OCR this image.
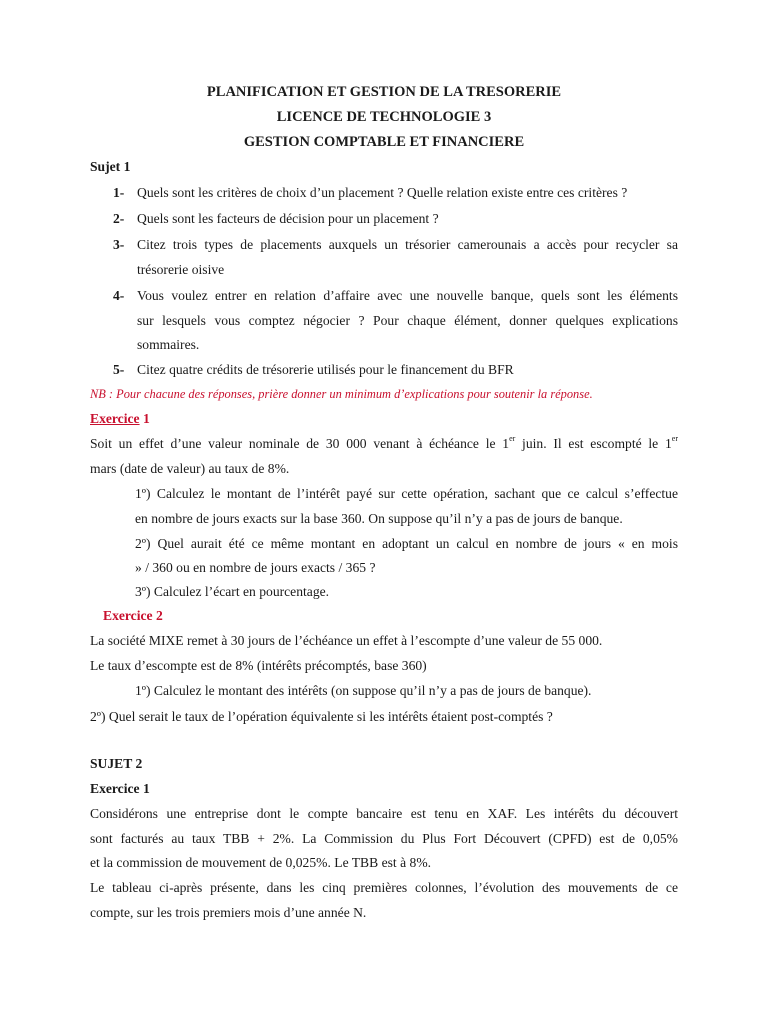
PLANIFICATION ET GESTION DE LA TRESORERIE
LICENCE DE TECHNOLOGIE 3
GESTION COMPTABLE ET FINANCIERE
Sujet 1
1- Quels sont les critères de choix d’un placement ? Quelle relation existe entre ces critères ?
2- Quels sont les facteurs de décision pour un placement ?
3- Citez trois types de placements auxquels un trésorier camerounais a accès pour recycler sa
trésorerie oisive
4- Vous voulez entrer en relation d’affaire avec une nouvelle banque, quels sont les éléments
sur lesquels vous comptez négocier ? Pour chaque élément, donner quelques explications
sommaires.
5- Citez quatre crédits de trésorerie utilisés pour le financement du BFR
NB : Pour chacune des réponses, prière donner un minimum d’explications pour soutenir la réponse.
Exercice 1
Soit un effet d’une valeur nominale de 30 000 venant à échéance le 1er juin. Il est escompté le 1er
mars (date de valeur) au taux de 8%.
1º) Calculez le montant de l’intérêt payé sur cette opération, sachant que ce calcul s’effectue
en nombre de jours exacts sur la base 360. On suppose qu’il n’y a pas de jours de banque.
2º) Quel aurait été ce même montant en adoptant un calcul en nombre de jours « en mois
» / 360 ou en nombre de jours exacts / 365 ?
3º) Calculez l’écart en pourcentage.
Exercice 2
La société MIXE remet à 30 jours de l’échéance un effet à l’escompte d’une valeur de 55 000.
Le taux d’escompte est de 8% (intérêts précomptés, base 360)
1º) Calculez le montant des intérêts (on suppose qu’il n’y a pas de jours de banque).
2º) Quel serait le taux de l’opération équivalente si les intérêts étaient post-comptés ?
SUJET 2
Exercice 1
Considérons une entreprise dont le compte bancaire est tenu en XAF. Les intérêts du découvert
sont facturés au taux TBB + 2%. La Commission du Plus Fort Découvert (CPFD) est de 0,05%
et la commission de mouvement de 0,025%. Le TBB est à 8%.
Le tableau ci-après présente, dans les cinq premières colonnes, l’évolution des mouvements de ce
compte, sur les trois premiers mois d’une année N.
